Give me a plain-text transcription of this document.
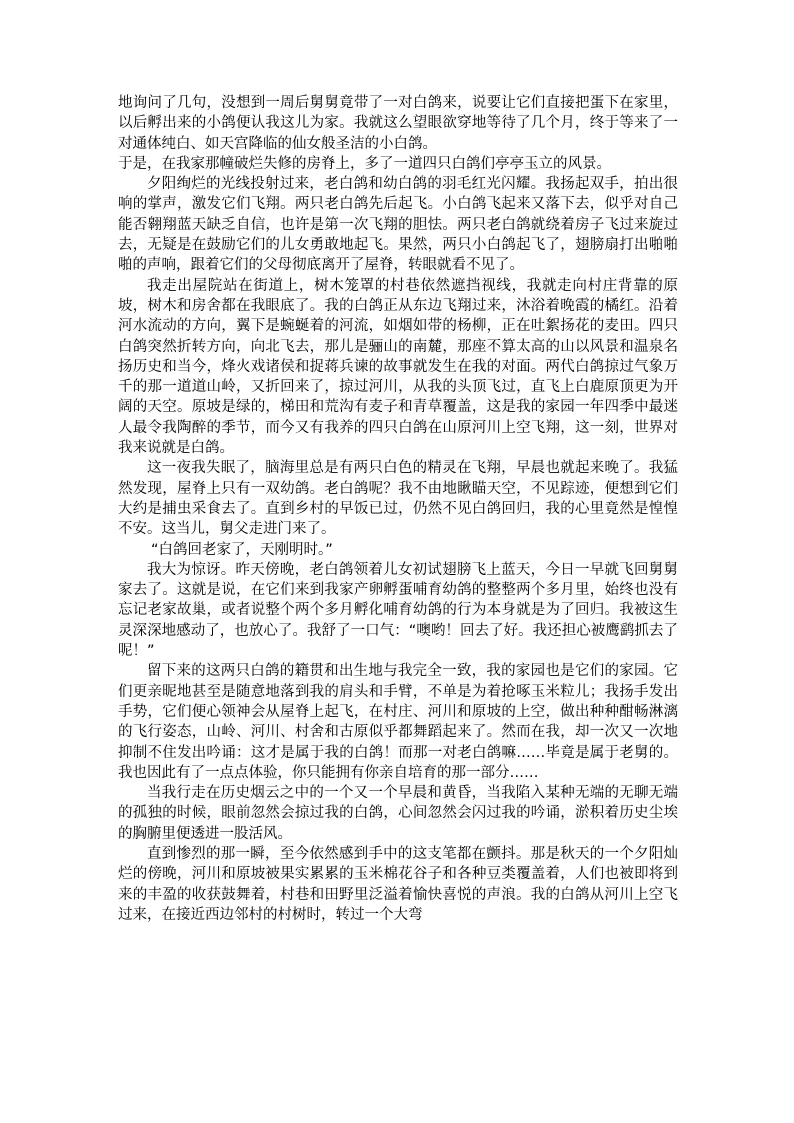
地询问了几句，没想到一周后舅舅竟带了一对白鸽来，说要让它们直接把蛋下在家里，以后孵出来的小鸽便认我这儿为家。我就这么望眼欲穿地等待了几个月，终于等来了一对通体纯白、如天宫降临的仙女般圣洁的小白鸽。

于是，在我家那幢破烂失修的房脊上，多了一道四只白鸽们亭亭玉立的风景。

夕阳绚烂的光线投射过来，老白鸽和幼白鸽的羽毛红光闪耀。我扬起双手，拍出很响的掌声，激发它们飞翔。两只老白鸽先后起飞。小白鸽飞起来又落下去，似乎对自己能否翱翔蓝天缺乏自信，也许是第一次飞翔的胆怯。两只老白鸽就绕着房子飞过来旋过去，无疑是在鼓励它们的儿女勇敢地起飞。果然，两只小白鸽起飞了，翅膀扇打出啪啪啪的声响，跟着它们的父母彻底离开了屋脊，转眼就看不见了。

我走出屋院站在街道上，树木笼罩的村巷依然遮挡视线，我就走向村庄背靠的原坡，树木和房舍都在我眼底了。我的白鸽正从东边飞翔过来，沐浴着晚霞的橘红。沿着河水流动的方向，翼下是蜿蜒着的河流，如烟如带的杨柳，正在吐絮扬花的麦田。四只白鸽突然折转方向，向北飞去，那儿是骊山的南麓，那座不算太高的山以风景和温泉名扬历史和当今，烽火戏诸侯和捉蒋兵谏的故事就发生在我的对面。两代白鸽掠过气象万千的那一道道山岭，又折回来了，掠过河川，从我的头顶飞过，直飞上白鹿原顶更为开阔的天空。原坡是绿的，梯田和荒沟有麦子和青草覆盖，这是我的家园一年四季中最迷人最令我陶醉的季节，而今又有我养的四只白鸽在山原河川上空飞翔，这一刻，世界对我来说就是白鸽。

这一夜我失眠了，脑海里总是有两只白色的精灵在飞翔，早晨也就起来晚了。我猛然发现，屋脊上只有一双幼鸽。老白鸽呢？我不由地瞅瞄天空，不见踪迹，便想到它们大约是捕虫采食去了。直到乡村的早饭已过，仍然不见白鸽回归，我的心里竟然是惶惶不安。这当儿，舅父走进门来了。

“白鸽回老家了，天刚明时。”

我大为惊讶。昨天傍晚，老白鸽领着儿女初试翅膀飞上蓝天，今日一早就飞回舅舅家去了。这就是说，在它们来到我家产卵孵蛋哺育幼鸽的整整两个多月里，始终也没有忘记老家故巢，或者说整个两个多月孵化哺育幼鸽的行为本身就是为了回归。我被这生灵深深地感动了，也放心了。我舒了一口气：“噢哟！回去了好。我还担心被鹰鹞抓去了呢！”

留下来的这两只白鸽的籍贯和出生地与我完全一致，我的家园也是它们的家园。它们更亲昵地甚至是随意地落到我的肩头和手臂，不单是为着抢啄玉米粒儿；我扬手发出手势，它们便心领神会从屋脊上起飞，在村庄、河川和原坡的上空，做出种种酣畅淋漓的飞行姿态，山岭、河川、村舍和古原似乎都舞蹈起来了。然而在我，却一次又一次地抑制不住发出吟诵：这才是属于我的白鸽！而那一对老白鸽嘛……毕竟是属于老舅的。我也因此有了一点点体验，你只能拥有你亲自培育的那一部分……

当我行走在历史烟云之中的一个又一个早晨和黄昏，当我陷入某种无端的无聊无端的孤独的时候，眼前忽然会掠过我的白鸽，心间忽然会闪过我的吟诵，淤积着历史尘埃的胸腑里便透进一股活风。

直到惨烈的那一瞬，至今依然感到手中的这支笔都在颤抖。那是秋天的一个夕阳灿烂的傍晚，河川和原坡被果实累累的玉米棉花谷子和各种豆类覆盖着，人们也被即将到来的丰盈的收获鼓舞着，村巷和田野里泛溢着愉快喜悦的声浪。我的白鸽从河川上空飞过来，在接近西边邻村的村树时，转过一个大弯
